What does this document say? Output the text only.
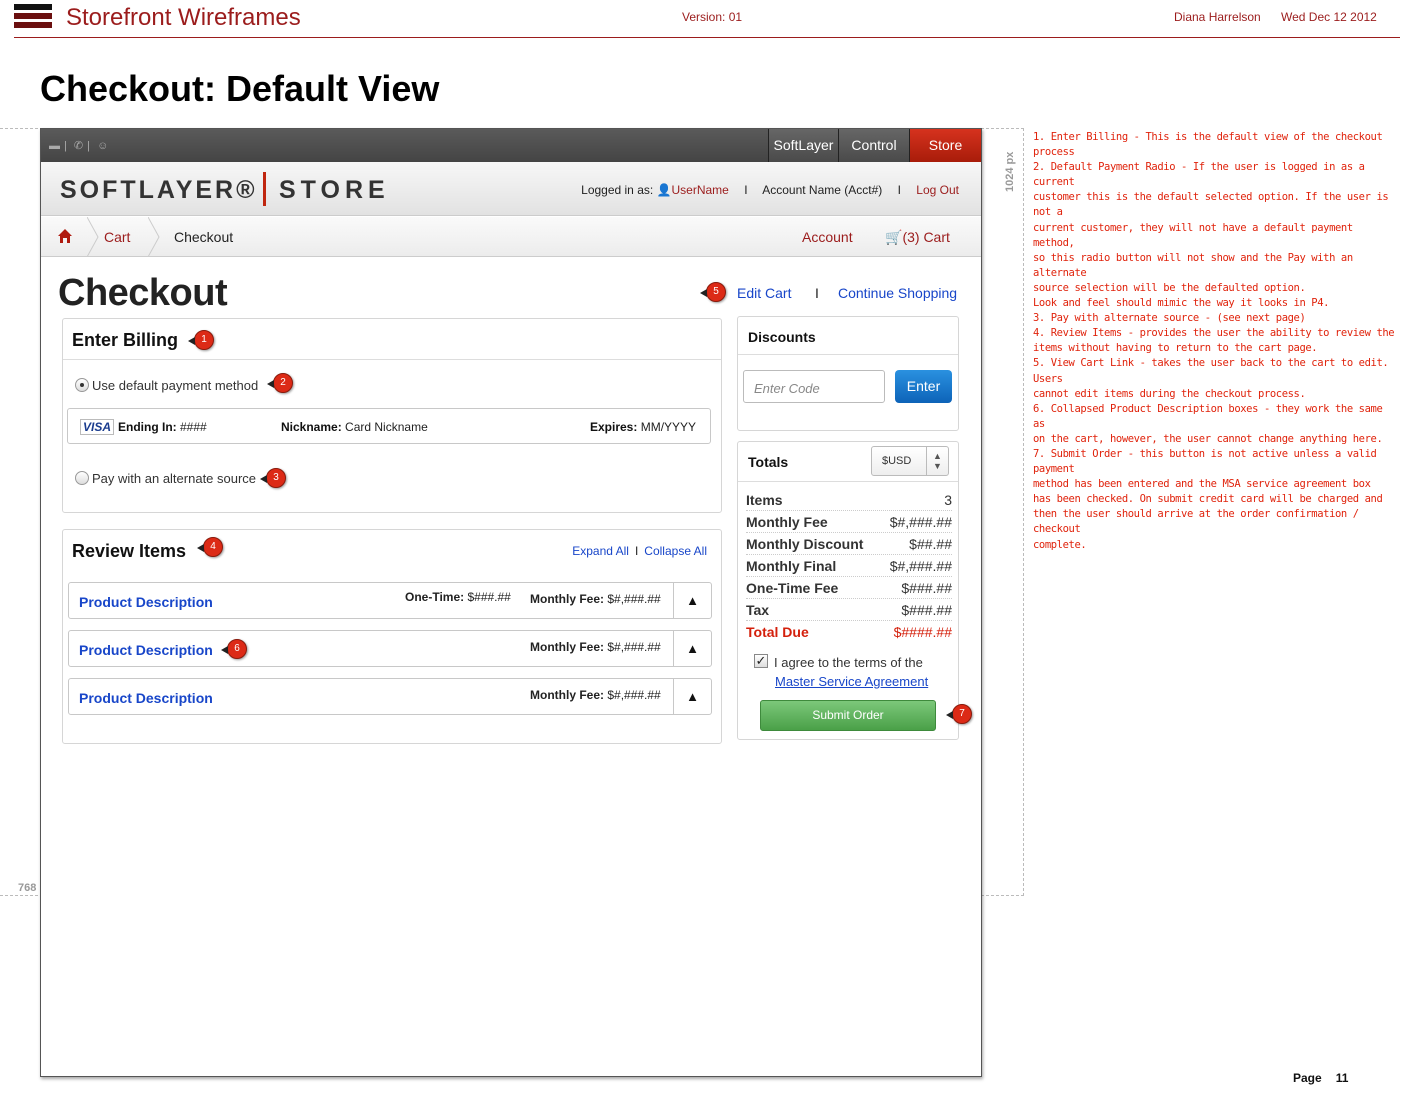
Storefront Wireframes	Version: 01	Diana Harrelson Wed Dec 12 2012
Checkout: Default View
1024 px
768
▬ | ✆ | ☺	SoftLayer	Control	Store
SOFTLAYER® STORE	Logged in as: 👤UserName I Account Name (Acct#) I Log Out
Cart	Checkout	Account 🛒(3) Cart
Checkout	5	Edit Cart I Continue Shopping
Enter Billing	1
Use default payment method	2
VISA Ending In: ####	Nickname: Card Nickname	Expires: MM/YYYY
Pay with an alternate source	3
Review Items	4	Expand All I Collapse All
Product Description	One-Time: $###.## Monthly Fee: $#,###.##	▲
Product Description	6	Monthly Fee: $#,###.##	▲
Product Description	Monthly Fee: $#,###.##	▲
Discounts
Enter Code	Enter
Totals	$USD	▲
▼
Items	3
Monthly Fee	$#,###.##
Monthly Discount	$##.##
Monthly Final	$#,###.##
One-Time Fee	$###.##
Tax	$###.##
Total Due	$####.##
✓ I agree to the terms of the
Master Service Agreement
Submit Order	7
1. Enter Billing - This is the default view of the checkout process
2. Default Payment Radio - If the user is logged in as a current
customer this is the default selected option. If the user is not a
current customer, they will not have a default payment method,
so this radio button will not show and the Pay with an alternate
source selection will be the defaulted option.
Look and feel should mimic the way it looks in P4.
3. Pay with alternate source - (see next page)
4. Review Items - provides the user the ability to review the
items without having to return to the cart page.
5. View Cart Link - takes the user back to the cart to edit. Users
cannot edit items during the checkout process.
6. Collapsed Product Description boxes - they work the same as
on the cart, however, the user cannot change anything here.
7. Submit Order - this button is not active unless a valid payment
method has been entered and the MSA service agreement box
has been checked. On submit credit card will be charged and
then the user should arrive at the order confirmation / checkout
complete.
Page 11
